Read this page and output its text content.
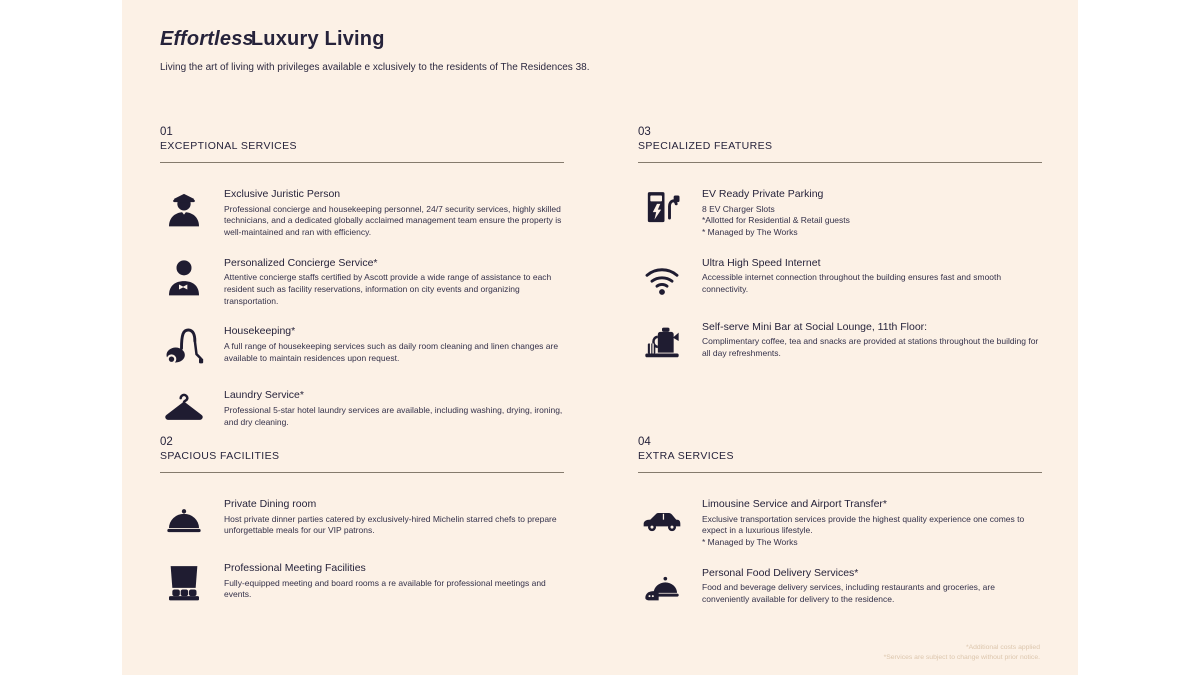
EffortlessLuxury Living
Living the art of living with privileges available e xclusively to the residents of The Residences 38.
01
EXCEPTIONAL SERVICES
Exclusive Juristic Person
Professional concierge and housekeeping personnel, 24/7 security services, highly skilled technicians, and a dedicated globally acclaimed management team ensure the property is well-maintained and ran with efficiency.
Personalized Concierge Service*
Attentive concierge staffs certified by Ascott provide a wide range of assistance to each resident such as facility reservations, information on city events and organizing transportation.
Housekeeping*
A full range of housekeeping services such as daily room cleaning and linen changes are available to maintain residences upon request.
Laundry Service*
Professional 5-star hotel laundry services are available, including washing, drying, ironing, and dry cleaning.
02
SPACIOUS FACILITIES
Private Dining room
Host private dinner parties catered by exclusively-hired Michelin starred chefs to prepare unforgettable meals for our VIP patrons.
Professional Meeting Facilities
Fully-equipped meeting and board rooms a re available for professional meetings and events.
03
SPECIALIZED FEATURES
EV Ready Private Parking
8 EV Charger Slots
*Allotted for Residential & Retail guests
* Managed by The Works
Ultra High Speed Internet
Accessible internet connection throughout the building ensures fast and smooth connectivity.
Self-serve Mini Bar at Social Lounge, 11th Floor:
Complimentary coffee, tea and snacks are provided at stations throughout the building for all day refreshments.
04
EXTRA SERVICES
Limousine Service and Airport Transfer*
Exclusive transportation services provide the highest quality experience one comes to expect in a luxurious lifestyle.
* Managed by The Works
Personal Food Delivery Services*
Food and beverage delivery services, including restaurants and groceries, are conveniently available for delivery to the residence.
*Additional costs applied
*Services are subject to change without prior notice.
